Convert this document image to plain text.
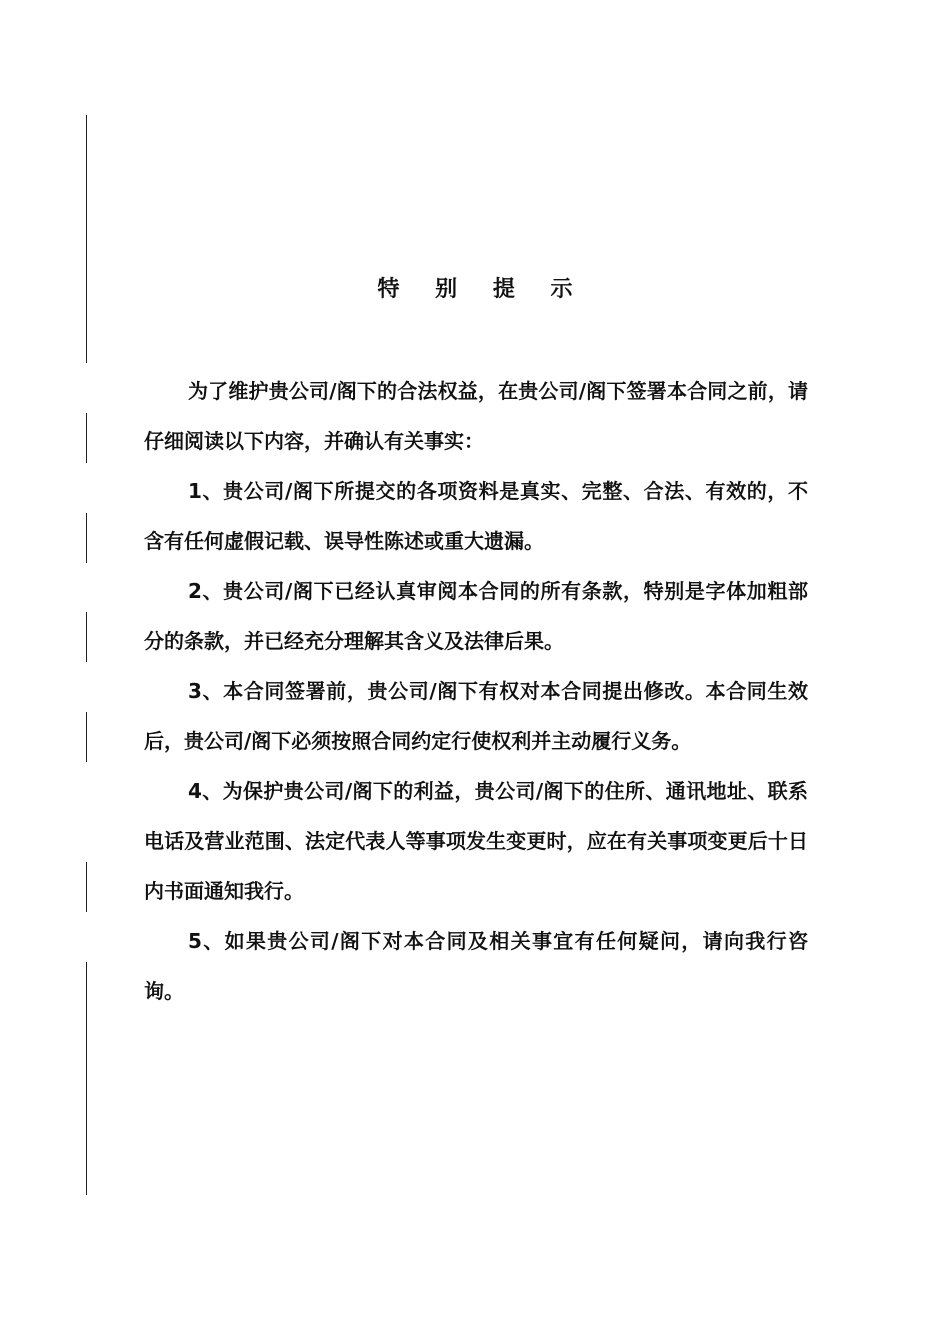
特 别 提 示

为了维护贵公司/阁下的合法权益，在贵公司/阁下签署本合同之前，请仔细阅读以下内容，并确认有关事实：

1、贵公司/阁下所提交的各项资料是真实、完整、合法、有效的，不含有任何虚假记载、误导性陈述或重大遗漏。

2、贵公司/阁下已经认真审阅本合同的所有条款，特别是字体加粗部分的条款，并已经充分理解其含义及法律后果。

3、本合同签署前，贵公司/阁下有权对本合同提出修改。本合同生效后，贵公司/阁下必须按照合同约定行使权利并主动履行义务。

4、为保护贵公司/阁下的利益，贵公司/阁下的住所、通讯地址、联系电话及营业范围、法定代表人等事项发生变更时，应在有关事项变更后十日内书面通知我行。

5、如果贵公司/阁下对本合同及相关事宜有任何疑问，请向我行咨询。
